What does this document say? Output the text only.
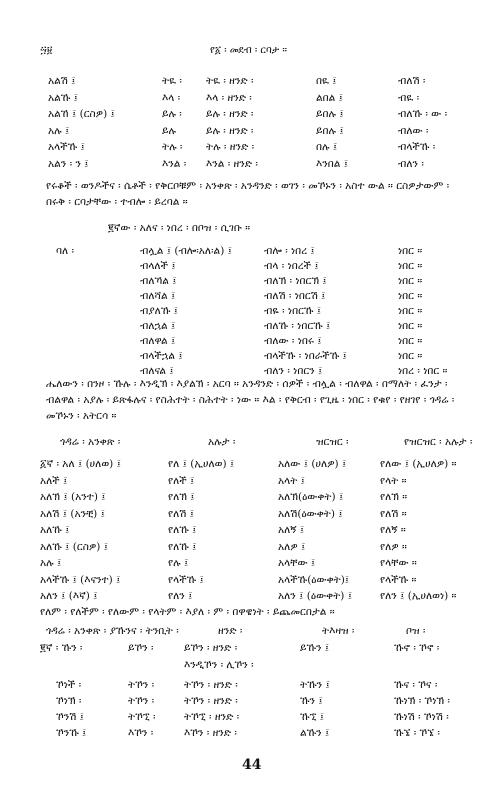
፵፱	የ፩ ፡ መደብ ፡ ርባታ ።
አልሽ ፤	ትዪ ፡ ትዪ ፡ ዘንድ ፡	በዪ ፤	ብለሽ ፡
አልኹ ፤	እላ ፡ እላ ፡ ዘንድ ፡	ልበል ፤	ብዪ ፡
አልኸ ፤ (ርስዎ) ፤	ይሉ ፡ ይሉ ፡ ዘንድ ፡	ይበሉ ፤	ብለኹ ፡ ው ፡
አሉ ፤	ይሉ	ይሉ ፡ ዘንድ ፡	ይበሉ ፤	ብለው ፡
አላችኹ ፤	ትሉ ፡ ትሉ ፡ ዘንድ ፡	በሉ ፤	ብላችኹ ፡
አልን ፡ ን ፤	እንል ፡ እንል ፡ ዘንድ ፡	እንበል ፤	ብለን ፡
የሩቆች ፡ ወንዶችና ፡ ሴቶች ፡ የቅርቦቹም ፡ አንቀጽ ፡ አንዳንድ ፡ ወገን ፡ መኾኑን ፡ አስተ ውል ። ርስዎታውም ፡ በሩቅ ፡ ርባታቸው ፡ ተብሎ ፡ ይረባል ።
፪ኛው ፡ አለና ፡ ነበረ ፡ በቦዝ ፡ ሲገቡ ።
ባለ ፡	ብሏል ፤ (ብሎ፡አለ፡ል) ፤	ብሎ ፡ ነበረ ፤	ነበር ።
ብላለች ፤	ብላ ፡ ነበረች ፤	ነበር ።
ብለኻል ፤	ብለኽ ፡ ነበርኽ ፤	ነበር ።
ብለሻል ፤	ብለሽ ፡ ነበርሽ ፤	ነበር ።
ብያለኹ ፤	ብዬ ፡ ነበርኹ ፤	ነበር ።
ብለኋል ፤	ብለኹ ፡ ነበርኹ ፤	ነበር ።
ብለዋል ፤	ብለው ፡ ነበሩ ፤	ነበር ።
ብላችኋል ፤	ብላችኹ ፡ ነበራችኹ ፤	ነበር ።
ብለናል ፤	ብለን ፡ ነበርን ፤	ነበረ ፡ ነበር ።
ሔለውን ፡ በንዞ ፡ ኹሉ ፡ እንዲኽ ፡ እያልኽ ፡ አርባ ። አንዳንድ ፡ ሰዎች ፡ ብሏል ፡ ብለዋል ፡ በማለት ፡ ፈንታ ፡ ብልዋል ፡ አያሉ ፡ ይጽፋሉና ፡ የስሕተት ፡ ስሕተት ፡ ነው ። እል ፡ የቅርብ ፡ የጊዜ ፡ ነበር ፡ የቁየ ፡ የዘገየ ፡ ጎዳሬ ፡ መኾኑን ፡ አትርሳ ።
ጎዳሬ ፡ አንቀጽ ፡	አሉታ ፡	ዝርዝር ፡	የዝርዝር ፡ አሉታ ፡
፩ኛ ፡ አለ ፤ (ሀለወ) ፤	የለ ፤ (ኢሀለወ) ፤	አለው ፤ (ሀለዎ) ፤	የለው ፤ (ኢሀለዎ) ።
አለች ፤	የለች ፤	አላት ፤	የላት ።
አለኽ ፤ (አንተ) ፤	የለኽ ፤	አለኽ(ዕውቀት) ፤	የለኽ ።
አለሽ ፤ (አንቺ) ፤	የለሽ ፤	አለሽ(ዕውቀት) ፤	የለሽ ።
አለኹ ፤	የለኹ ፤	አለኝ ፤	የለኝ ።
አለኹ ፤ (ርስዎ) ፤	የለኹ ፤	አለዎ ፤	የለዎ ።
አሉ ፤	የሉ ፤	አላቸው ፤	የላቸው ።
አላችኹ ፤ (እናንተ) ፤	የላችኹ ፤	አላችኹ(ዕውቀት)፤	የላችኹ ።
አለን ፤ (እኛ) ፤	የለን ፤	አለን ፤ (ዕውቀት) ፤	የለን ፤ (ኢሀለወነ) ።
የለም ፡ የለችም ፡ የለውም ፡ የላትም ፡ እያለ ፡ ም ፡ በዋዌነት ፡ ይጨመርበታል ።
ጎዳሬ ፡ አንቀጽ ፡ ያኹንና ፡ ትንቢት ፡	ዘንድ ፡	ትእዛዝ ፡	ቦዝ ፡
፪ኛ ፡ ኹን ፡	ይኾን ፡	ይኾን ፡ ዘንድ ፡	ይኹን ፤	ኹኖ ፡ ኾኖ ፡
እንዲኾን ፡ ሊኾን ፡
ኾነች ፡	ትኾን ፡	ትኾን ፡ ዘንድ ፡	ትኹን ፤	ኹና ፡ ኾና ፡
ኾነኽ ፡	ትኾን ፡	ትኾን ፡ ዘንድ ፡	ኹን ፤	ኹነኽ ፡ ኾነኽ ፡
ኾንሽ ፤	ትኾኚ ፡	ትኾኚ ፡ ዘንድ ፡	ኹኚ ፤	ኹነሽ ፡ ኾነሽ ፡
ኾንኹ ፤	እኾን ፡	እኾን ፡ ዘንድ ፡	ልኹን ፤	ኹኜ ፡ ኾኜ ፡
44
